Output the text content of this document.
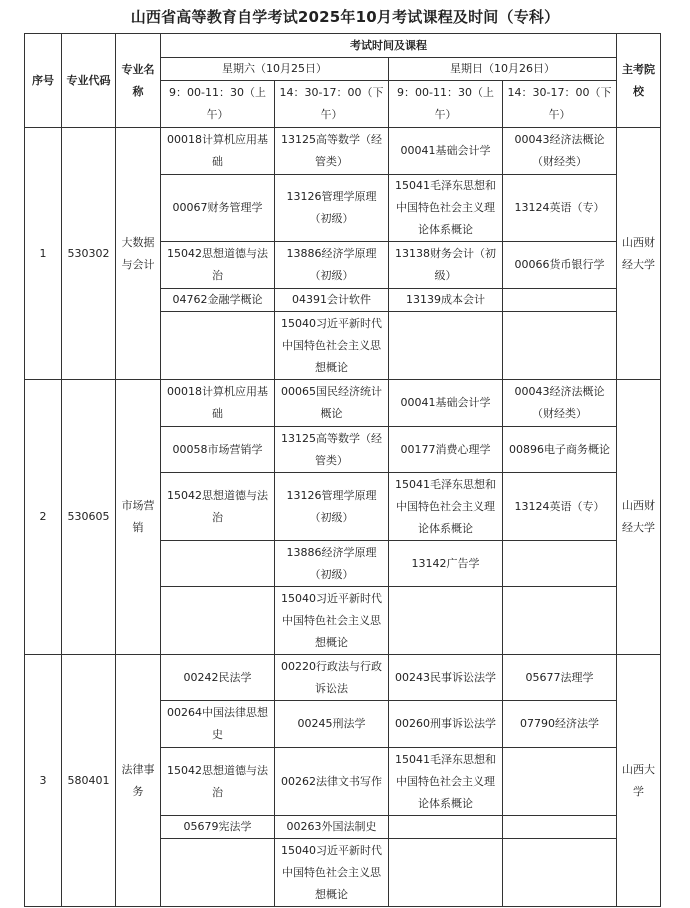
山西省高等教育自学考试2025年10月考试课程及时间（专科）
序号	专业代码	专业名称	考试时间及课程				主考院校
			星期六（10月25日）		星期日（10月26日）		
			9：00-11：30（上午）	14：30-17：00（下午）	9：00-11：30（上午）	14：30-17：00（下午）	
1	530302	大数据与会计	00018计算机应用基础	13125高等数学（经管类）	00041基础会计学	00043经济法概论（财经类）	山西财经大学
			00067财务管理学	13126管理学原理（初级）	15041毛泽东思想和中国特色社会主义理论体系概论	13124英语（专）	
			15042思想道德与法治	13886经济学原理（初级）	13138财务会计（初级）	00066货币银行学	
			04762金融学概论	04391会计软件	13139成本会计		
				15040习近平新时代中国特色社会主义思想概论			
2	530605	市场营销	00018计算机应用基础	00065国民经济统计概论	00041基础会计学	00043经济法概论（财经类）	山西财经大学
			00058市场营销学	13125高等数学（经管类）	00177消费心理学	00896电子商务概论	
			15042思想道德与法治	13126管理学原理（初级）	15041毛泽东思想和中国特色社会主义理论体系概论	13124英语（专）	
				13886经济学原理（初级）	13142广告学		
				15040习近平新时代中国特色社会主义思想概论			
3	580401	法律事务	00242民法学	00220行政法与行政诉讼法	00243民事诉讼法学	05677法理学	山西大学
			00264中国法律思想史	00245刑法学	00260刑事诉讼法学	07790经济法学	
			15042思想道德与法治	00262法律文书写作	15041毛泽东思想和中国特色社会主义理论体系概论		
			05679宪法学	00263外国法制史			
				15040习近平新时代中国特色社会主义思想概论			
